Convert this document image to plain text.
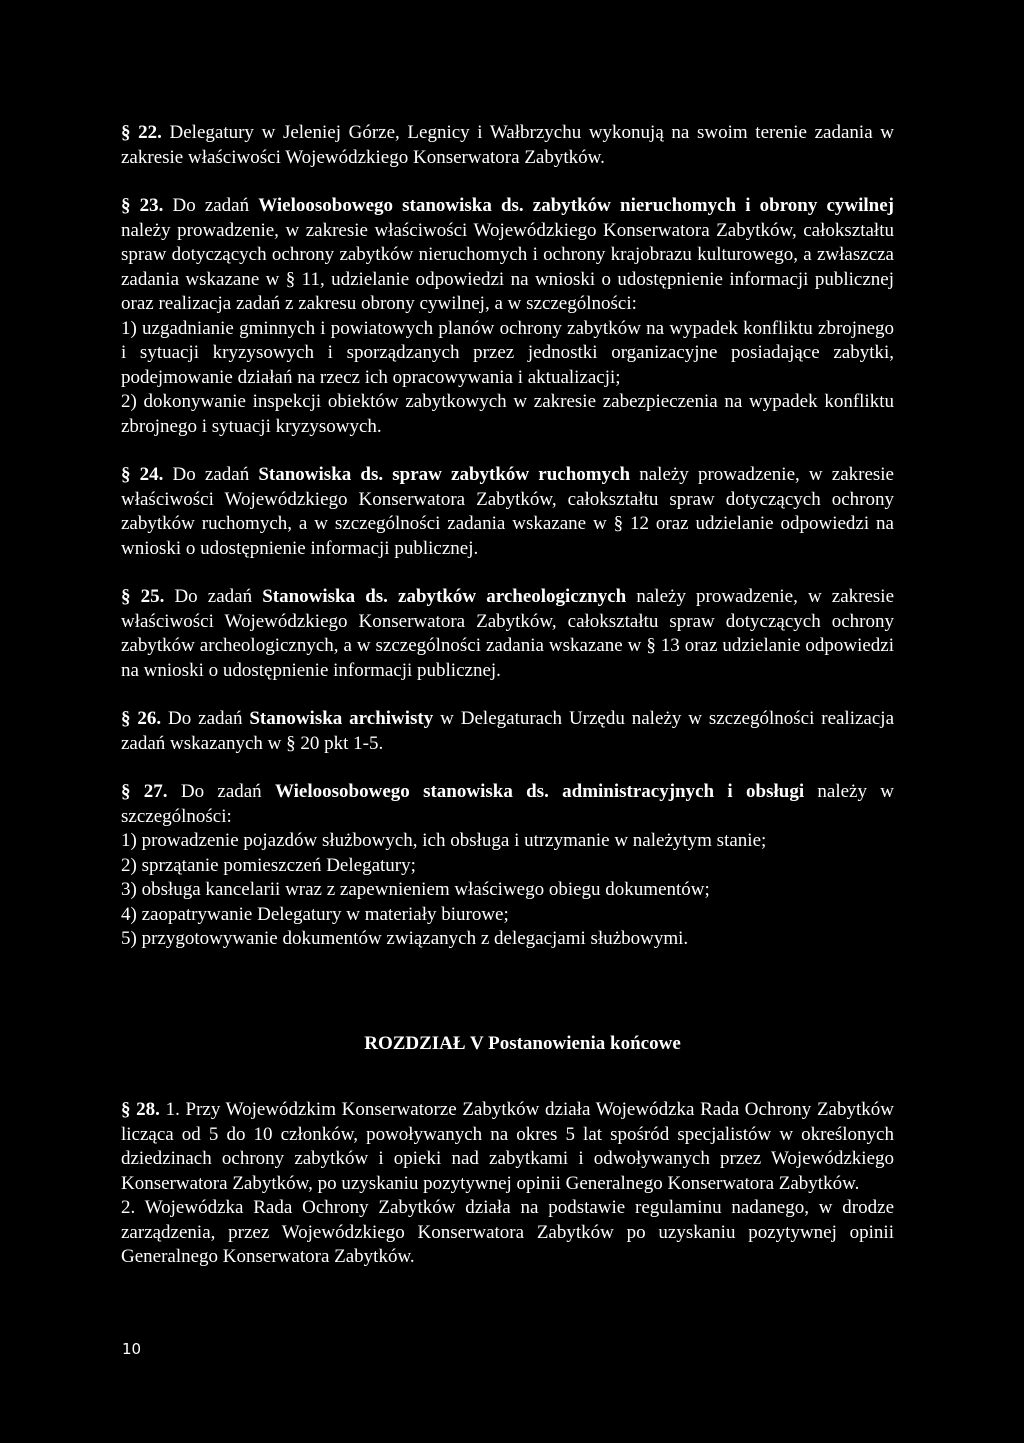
§ 22. Delegatury w Jeleniej Górze, Legnicy i Wałbrzychu wykonują na swoim terenie zadania w zakresie właściwości Wojewódzkiego Konserwatora Zabytków.

§ 23. Do zadań Wieloosobowego stanowiska ds. zabytków nieruchomych i obrony cywilnej należy prowadzenie, w zakresie właściwości Wojewódzkiego Konserwatora Zabytków, całokształtu spraw dotyczących ochrony zabytków nieruchomych i ochrony krajobrazu kulturowego, a zwłaszcza zadania wskazane w § 11, udzielanie odpowiedzi na wnioski o udostępnienie informacji publicznej oraz realizacja zadań z zakresu obrony cywilnej, a w szczególności:

1) uzgadnianie gminnych i powiatowych planów ochrony zabytków na wypadek konfliktu zbrojnego i sytuacji kryzysowych i sporządzanych przez jednostki organizacyjne posiadające zabytki, podejmowanie działań na rzecz ich opracowywania i aktualizacji;

2) dokonywanie inspekcji obiektów zabytkowych w zakresie zabezpieczenia na wypadek konfliktu zbrojnego i sytuacji kryzysowych.

§ 24. Do zadań Stanowiska ds. spraw zabytków ruchomych należy prowadzenie, w zakresie właściwości Wojewódzkiego Konserwatora Zabytków, całokształtu spraw dotyczących ochrony zabytków ruchomych, a w szczególności zadania wskazane w § 12 oraz udzielanie odpowiedzi na wnioski o udostępnienie informacji publicznej.

§ 25. Do zadań Stanowiska ds. zabytków archeologicznych należy prowadzenie, w zakresie właściwości Wojewódzkiego Konserwatora Zabytków, całokształtu spraw dotyczących ochrony zabytków archeologicznych, a w szczególności zadania wskazane w § 13 oraz udzielanie odpowiedzi na wnioski o udostępnienie informacji publicznej.

§ 26. Do zadań Stanowiska archiwisty w Delegaturach Urzędu należy w szczególności realizacja zadań wskazanych w § 20 pkt 1-5.

§ 27. Do zadań Wieloosobowego stanowiska ds. administracyjnych i obsługi należy w szczególności:

1) prowadzenie pojazdów służbowych, ich obsługa i utrzymanie w należytym stanie;

2) sprzątanie pomieszczeń Delegatury;

3) obsługa kancelarii wraz z zapewnieniem właściwego obiegu dokumentów;

4) zaopatrywanie Delegatury w materiały biurowe;

5) przygotowywanie dokumentów związanych z delegacjami służbowymi.

ROZDZIAŁ V Postanowienia końcowe

§ 28. 1. Przy Wojewódzkim Konserwatorze Zabytków działa Wojewódzka Rada Ochrony Zabytków licząca od 5 do 10 członków, powoływanych na okres 5 lat spośród specjalistów w określonych dziedzinach ochrony zabytków i opieki nad zabytkami i odwoływanych przez Wojewódzkiego Konserwatora Zabytków, po uzyskaniu pozytywnej opinii Generalnego Konserwatora Zabytków.

2. Wojewódzka Rada Ochrony Zabytków działa na podstawie regulaminu nadanego, w drodze zarządzenia, przez Wojewódzkiego Konserwatora Zabytków po uzyskaniu pozytywnej opinii Generalnego Konserwatora Zabytków.

10
